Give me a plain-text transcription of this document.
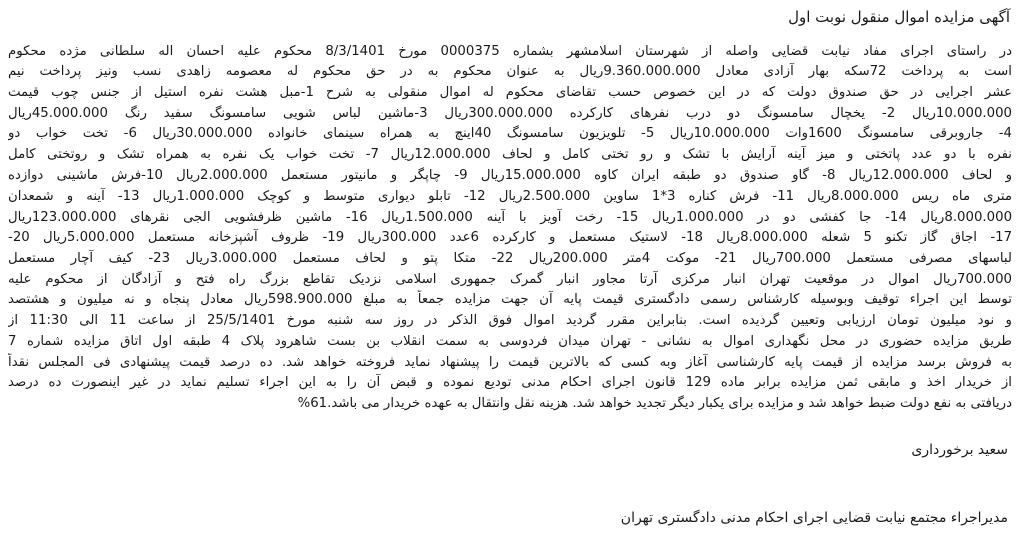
آگهی مزایده اموال منقول نوبت اول
در راستای اجرای مفاد نیابت قضایی واصله از شهرستان اسلامشهر بشماره 0000375 مورخ 8/3/1401 محکوم علیه احسان اله سلطانی مژده محکوم
است به پرداخت 72سکه بهار آزادی معادل 9.360.000.000ریال به عنوان محکوم به در حق محکوم له معصومه زاهدی نسب ونیز پرداخت نیم
عشر اجرایی در حق صندوق دولت که در این خصوص حسب تقاضای محکوم له اموال منقولی به شرح 1-مبل هشت نفره استیل از جنس چوب قیمت
10.000.000ریال 2- یخچال سامسونگ دو درب نفرهای کارکرده 300.000.000ریال 3-ماشین لباس شویی سامسونگ سفید رنگ 45.000.000ریال
4- جاروبرقی سامسونگ 1600وات 10.000.000ریال 5- تلویزیون سامسونگ 40اینچ به همراه سینمای خانواده 30.000.000ریال 6- تخت خواب دو
نفره با دو عدد پاتختی و میز آینه آرایش با تشک و رو تختی کامل و لحاف 12.000.000ریال 7- تخت خواب یک نفره به همراه تشک و روتختی کامل
و لحاف 12.000.000ریال 8- گاو صندوق دو طبقه ایران کاوه 15.000.000ریال 9- چاپگر و مانیتور مستعمل 2.000.000ریال 10-فرش ماشینی دوازده
متری ماه ریس 8.000.000ریال 11- فرش کناره 3*1 ساوین 2.500.000ریال 12- تابلو دیواری متوسط و کوچک 1.000.000ریال 13- آینه و شمعدان
8.000.000ریال 14- جا کفشی دو در 1.000.000ریال 15- رخت آویز با آینه 1.500.000ریال 16- ماشین ظرفشویی الجی نقرهای 123.000.000ریال
17- اجاق گاز تکنو 5 شعله 8.000.000ریال 18- لاستیک مستعمل و کارکرده 6عدد 300.000ریال 19- ظروف آشپزخانه مستعمل 5.000.000ریال 20-
لباسهای مصرفی مستعمل 700.000ریال 21- موکت 4متر 200.000ریال 22- متکا پتو و لحاف مستعمل 3.000.000ریال 23- کیف آچار مستعمل
700.000ریال اموال در موقعیت تهران انبار مرکزی آرتا مجاور انبار گمرک جمهوری اسلامی نزدیک تقاطع بزرگ راه فتح و آزادگان از محکوم علیه
توسط این اجراء توقیف وبوسیله کارشناس رسمی دادگستری قیمت پایه آن جهت مزایده جمعاً به مبلغ 598.900.000ریال معادل پنجاه و نه میلیون و هشتصد
و نود میلیون تومان ارزیابی وتعیین گردیده است. بنابراین مقرر گردید اموال فوق الذکر در روز سه شنبه مورخ 25/5/1401 از ساعت 11 الی 11:30 از
طریق مزایده حضوری در محل نگهداری اموال به نشانی - تهران میدان فردوسی به سمت انقلاب بن بست شاهرود پلاک 4 طبقه اول اتاق مزایده شماره 7
به فروش برسد مزایده از قیمت پایه کارشناسی آغاز وبه کسی که بالاترین قیمت را پیشنهاد نماید فروخته خواهد شد. ده درصد قیمت پیشنهادی فی المجلس نقداً
از خریدار اخذ و مابقی ثمن مزایده برابر ماده 129 قانون اجرای احکام مدنی تودیع نموده و قبض آن را به این اجراء تسلیم نماید در غیر اینصورت ده درصد
دریافتی به نفع دولت ضبط خواهد شد و مزایده برای یکبار دیگر تجدید خواهد شد. هزینه نقل وانتقال به عهده خریدار می باشد.61%
سعید برخورداری
مدیراجراء مجتمع نیابت قضایی اجرای احکام مدنی دادگستری تهران
